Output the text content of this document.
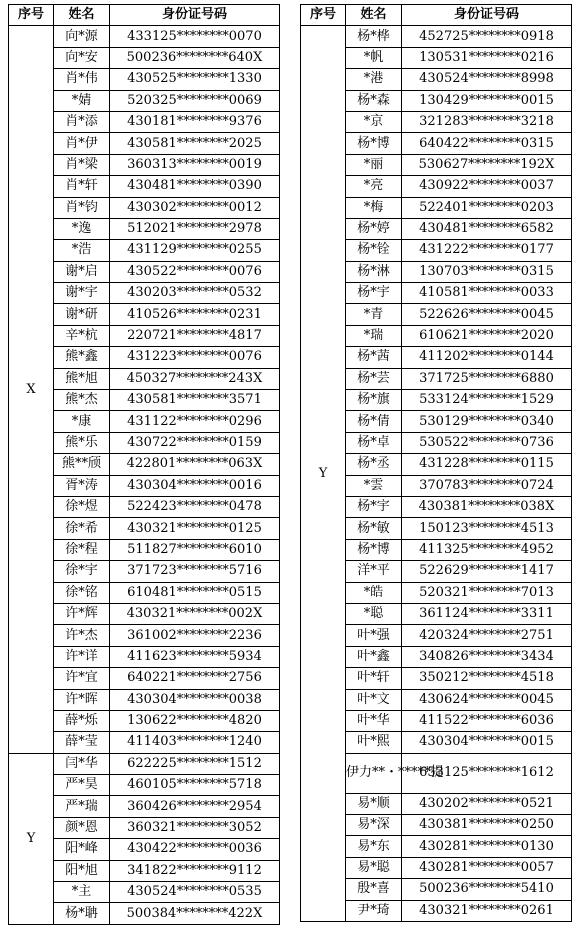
序号	姓名	身份证号码
X	向*源	433125********0070
	向*安	500236********640X
	肖*伟	430525********1330
	*婧	520325********0069
	肖*添	430181********9376
	肖*伊	430581********2025
	肖*梁	360313********0019
	肖*轩	430481********0390
	肖*钧	430302********0012
	*逸	512021********2978
	*浩	431129********0255
	谢*启	430522********0076
	谢*宇	430203********0532
	谢*研	410526********0231
	辛*杭	220721********4817
	熊*鑫	431223********0076
	熊*旭	450327********243X
	熊*杰	430581********3571
	*康	431122********0296
	熊*乐	430722********0159
	熊**颀	422801********063X
	胥*涛	430304********0016
	徐*煜	522423********0478
	徐*希	430321********0125
	徐*程	511827********6010
	徐*宇	371723********5716
	徐*铭	610481********0515
	许*辉	430321********002X
	许*杰	361002********2236
	许*详	411623********5934
	许*宜	640221********2756
	许*晖	430304********0038
	薛*烁	130622********4820
	薛*莹	411403********1240
Y	闫*华	622225********1512
	严*昊	460105********5718
	严*瑞	360426********2954
	颜*恩	360321********3052
	阳*峰	430422********0036
	阳*旭	341822********9112
	*主	430524********0535
	杨*聃	500384********422X
序号	姓名	身份证号码
Y	杨*桦	452725********0918
	*帆	130531********0216
	*港	430524********8998
	杨*森	130429********0015
	*京	321283********3218
	杨*博	640422********0315
	*丽	530627********192X
	*亮	430922********0037
	*梅	522401********0203
	杨*婷	430481********6582
	杨*铨	431222********0177
	杨*淋	130703********0315
	杨*宇	410581********0033
	*青	522626********0045
	*瑞	610621********2020
	杨*茜	411202********0144
	杨*芸	371725********6880
	杨*旗	533124********1529
	杨*倩	530129********0340
	杨*卓	530522********0736
	杨*丞	431228********0115
	*雲	370783********0724
	杨*宇	430381********038X
	杨*敏	150123********4513
	杨*博	411325********4952
	洋*平	522629********1417
	*皓	520321********7013
	*聪	361124********3311
	叶*强	420324********2751
	叶*鑫	340826********3434
	叶*轩	350212********4518
	叶*文	430624********0045
	叶*华	411522********6036
	叶*熙	430304********0015
	伊力**・*****提	653125********1612
	易*顺	430202********0521
	易*深	430381********0250
	易*东	430281********0130
	易*聪	430281********0057
	殷*喜	500236********5410
	尹*琦	430321********0261
